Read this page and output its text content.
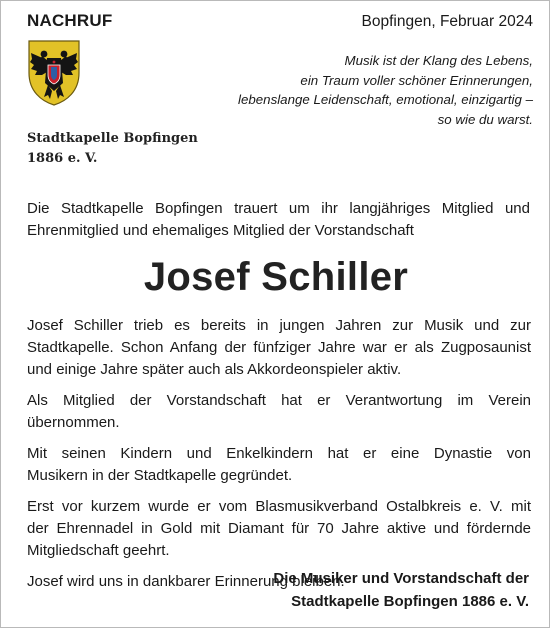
NACHRUF	Bopfingen, Februar 2024
Stadtkapelle Bopfingen
1886 e. V.
Musik ist der Klang des Lebens,
ein Traum voller schöner Erinnerungen,
lebenslange Leidenschaft, emotional, einzigartig –
so wie du warst.
Die Stadtkapelle Bopfingen trauert um ihr langjähriges Mitglied und
Ehrenmitglied und ehemaliges Mitglied der Vorstandschaft
Josef Schiller
Josef Schiller trieb es bereits in jungen Jahren zur Musik und zur
Stadtkapelle. Schon Anfang der fünfziger Jahre war er als Zugposaunist
und einige Jahre später auch als Akkordeonspieler aktiv.
Als Mitglied der Vorstandschaft hat er Verantwortung im Verein
übernommen.
Mit seinen Kindern und Enkelkindern hat er eine Dynastie von
Musikern in der Stadtkapelle gegründet.
Erst vor kurzem wurde er vom Blasmusikverband Ostalbkreis e. V. mit
der Ehrennadel in Gold mit Diamant für 70 Jahre aktive und fördernde
Mitgliedschaft geehrt.
Josef wird uns in dankbarer Erinnerung bleiben.
Die Musiker und Vorstandschaft der
Stadtkapelle Bopfingen 1886 e. V.
